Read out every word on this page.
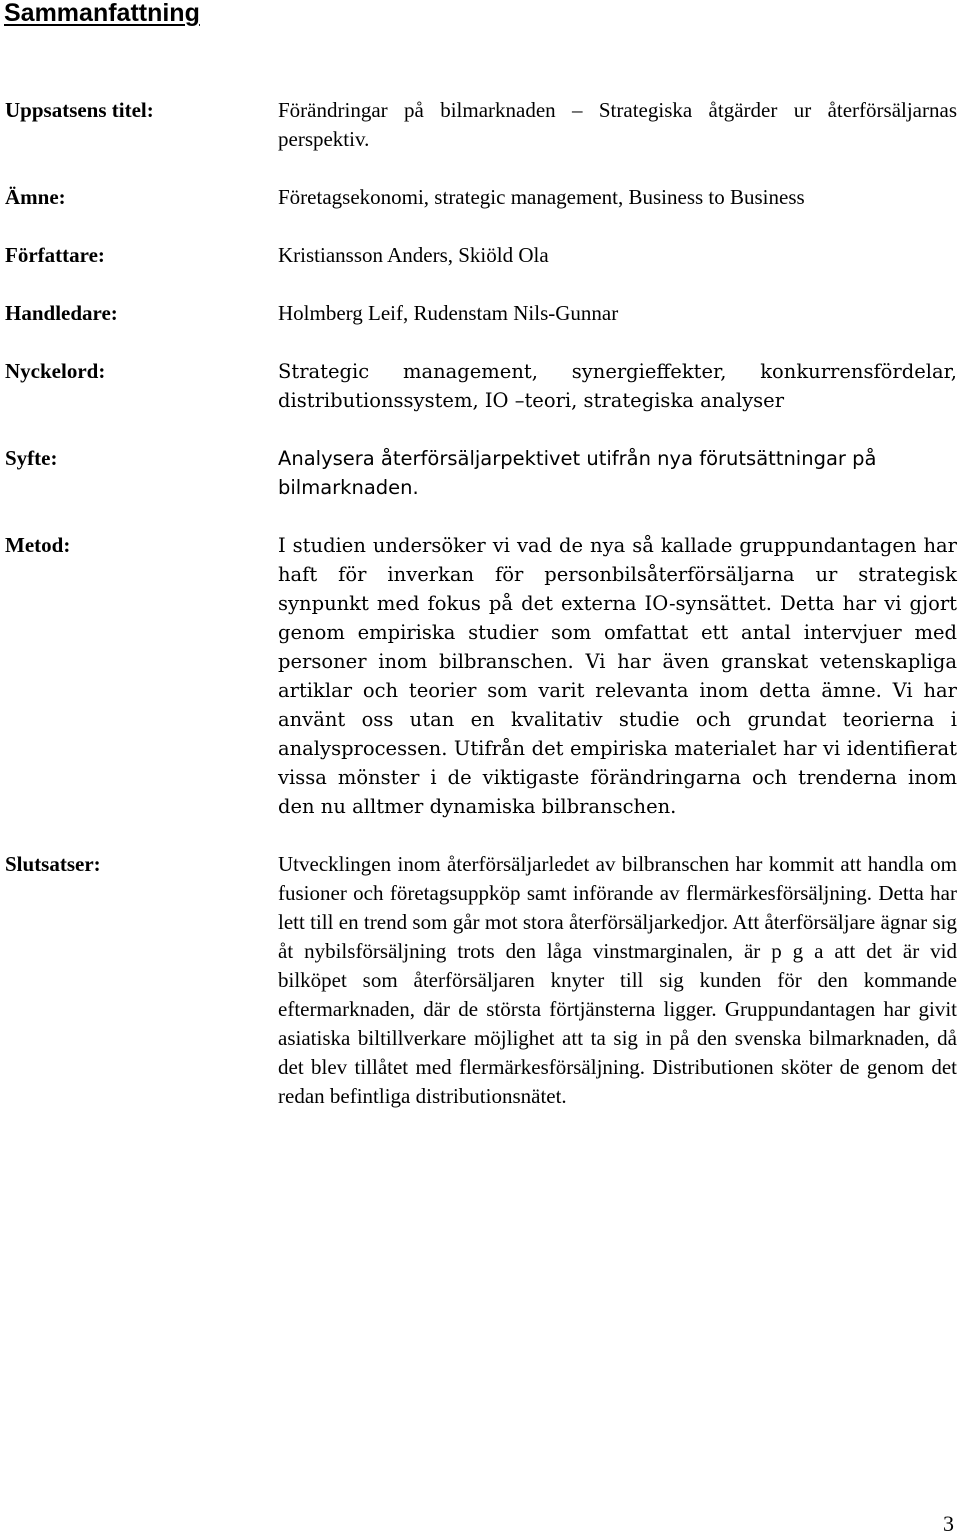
Sammanfattning
Uppsatsens titel:	Förändringar på bilmarknaden – Strategiska åtgärder ur återförsäljarnas perspektiv.
Ämne:	Företagsekonomi, strategic management, Business to Business
Författare:	Kristiansson Anders, Skiöld Ola
Handledare:	Holmberg Leif, Rudenstam Nils-Gunnar
Nyckelord:	Strategic management, synergieffekter, konkurrensfördelar, distributionssystem, IO –teori, strategiska analyser
Syfte:	Analysera återförsäljarpektivet utifrån nya förutsättningar på bilmarknaden.
Metod:	I studien undersöker vi vad de nya så kallade gruppundantagen har haft för inverkan för personbilsåterförsäljarna ur strategisk synpunkt med fokus på det externa IO-synsättet. Detta har vi gjort genom empiriska studier som omfattat ett antal intervjuer med personer inom bilbranschen. Vi har även granskat vetenskapliga artiklar och teorier som varit relevanta inom detta ämne. Vi har använt oss utan en kvalitativ studie och grundat teorierna i analysprocessen. Utifrån det empiriska materialet har vi identifierat vissa mönster i de viktigaste förändringarna och trenderna inom den nu alltmer dynamiska bilbranschen.
Slutsatser:	Utvecklingen inom återförsäljarledet av bilbranschen har kommit att handla om fusioner och företagsuppköp samt införande av flermärkesförsäljning. Detta har lett till en trend som går mot stora återförsäljarkedjor. Att återförsäljare ägnar sig åt nybilsförsäljning trots den låga vinstmarginalen, är p g a att det är vid bilköpet som återförsäljaren knyter till sig kunden för den kommande eftermarknaden, där de största förtjänsterna ligger. Gruppundantagen har givit asiatiska biltillverkare möjlighet att ta sig in på den svenska bilmarknaden, då det blev tillåtet med flermärkesförsäljning. Distributionen sköter de genom det redan befintliga distributionsnätet.
3
